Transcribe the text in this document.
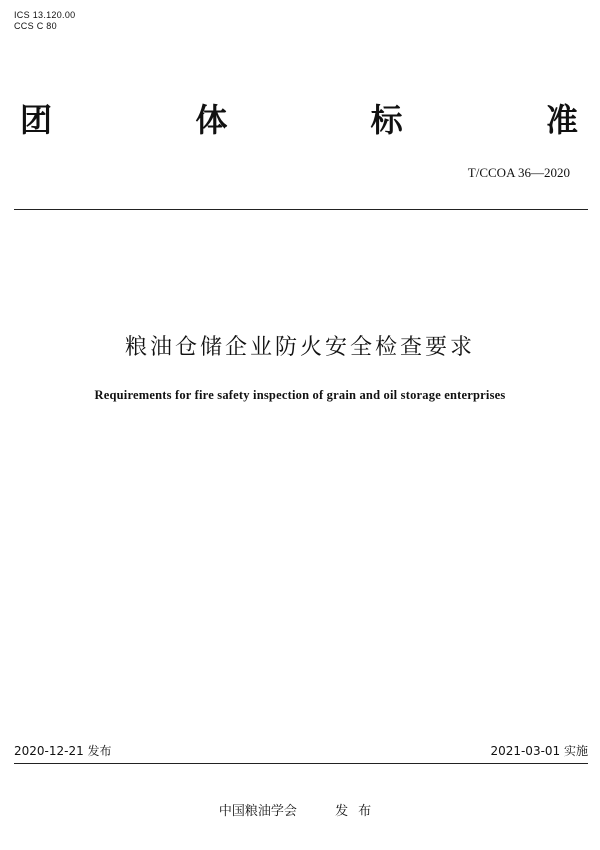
ICS 13.120.00
CCS C 80
团	体	标	准
T/CCOA 36—2020
粮油仓储企业防火安全检查要求
Requirements for fire safety inspection of grain and oil storage enterprises
2020-12-21 发布	2021-03-01 实施
中国粮油学会	发布
